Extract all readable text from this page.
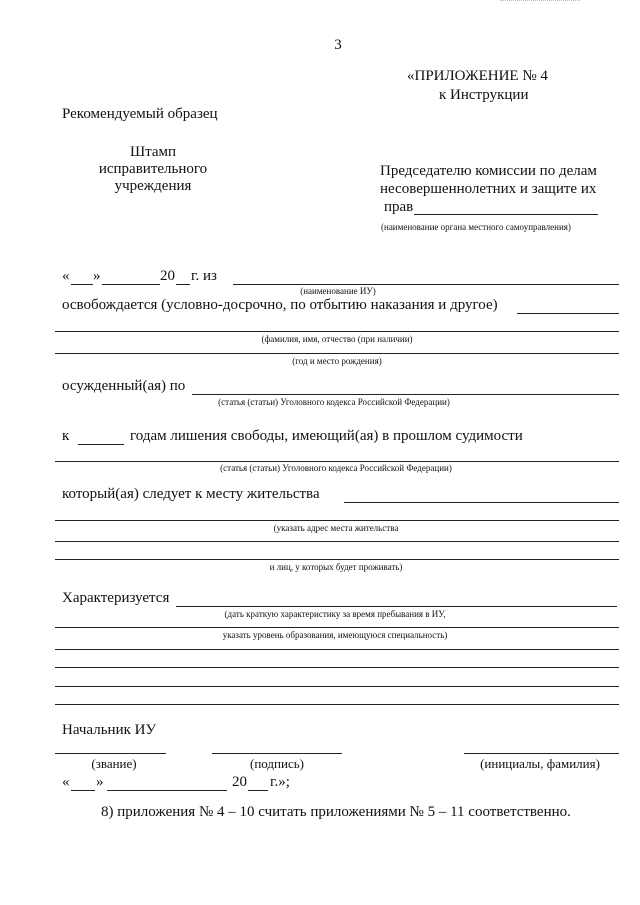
3
«ПРИЛОЖЕНИЕ № 4
к Инструкции
Рекомендуемый образец
Штамп
исправительного
учреждения
Председателю комиссии по делам
несовершеннолетних и защите их
прав
(наименование органа местного самоуправления)
« »	20 г. из
(наименование ИУ)
освобождается (условно-досрочно, по отбытию наказания и другое)
(фамилия, имя, отчество (при наличии)
(год и место рождения)
осужденный(ая) по
(статья (статьи) Уголовного кодекса Российской Федерации)
к	годам лишения свободы, имеющий(ая) в прошлом судимости
(статья (статьи) Уголовного кодекса Российской Федерации)
который(ая) следует к месту жительства
(указать адрес места жительства
и лиц, у которых будет проживать)
Характеризуется
(дать краткую характеристику за время пребывания в ИУ,
указать уровень образования, имеющуюся специальность)
Начальник ИУ
(звание)	(подпись)	(инициалы, фамилия)
« »	20 г.»;
8) приложения № 4 – 10 считать приложениями № 5 – 11 соответственно.
